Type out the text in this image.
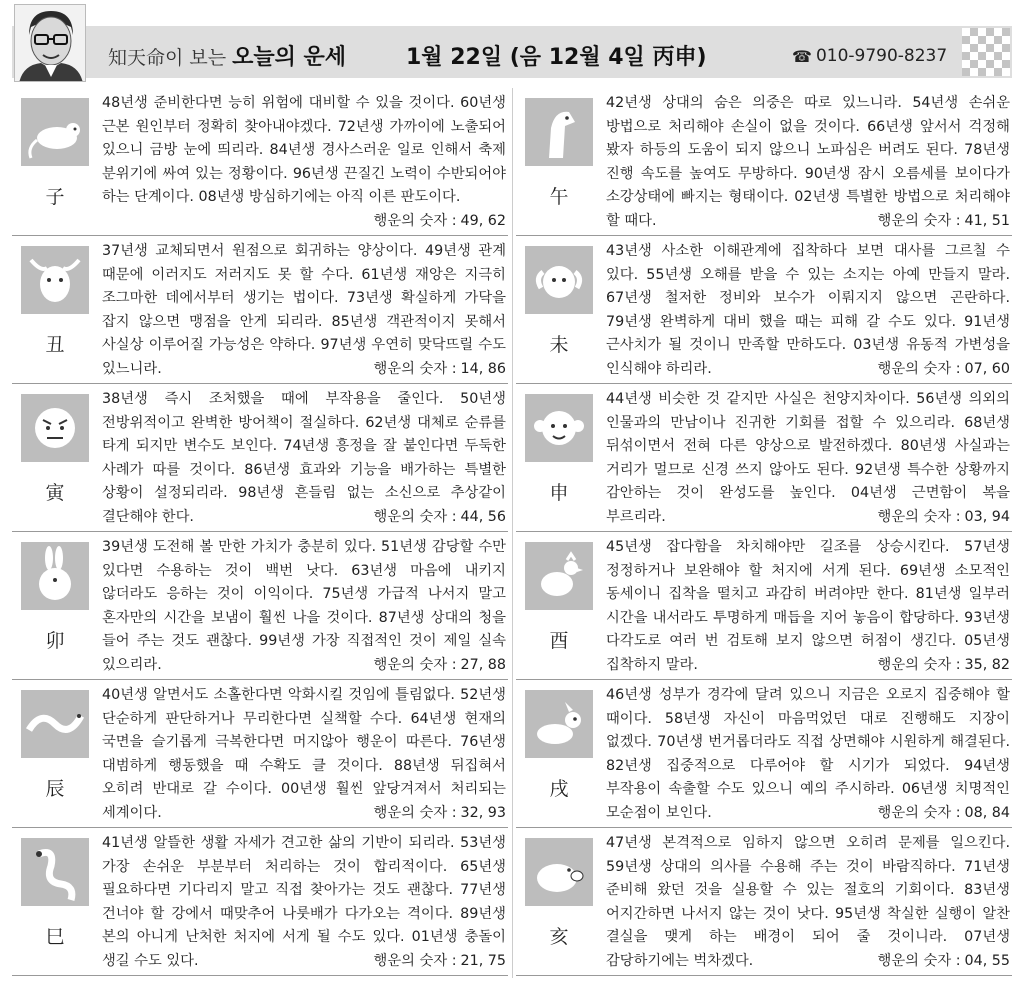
知天命이 보는 오늘의 운세	1월 22일 (음 12월 4일 丙申)	☎ 010-9790-8237
子
48년생 준비한다면 능히 위험에 대비할 수 있을 것이다. 60년생 근본 원인부터 정확히 찾아내야겠다. 72년생 가까이에 노출되어 있으니 금방 눈에 띄리라. 84년생 경사스러운 일로 인해서 축제 분위기에 싸여 있는 정황이다. 96년생 끈질긴 노력이 수반되어야 하는 단계이다. 08년생 방심하기에는 아직 이른 판도이다.
행운의 숫자 : 49, 62
丑
37년생 교체되면서 원점으로 회귀하는 양상이다. 49년생 관계 때문에 이러지도 저러지도 못 할 수다. 61년생 재앙은 지극히 조그마한 데에서부터 생기는 법이다. 73년생 확실하게 가닥을 잡지 않으면 맹점을 안게 되리라. 85년생 객관적이지 못해서 사실상 이루어질 가능성은 약하다. 97년생 우연히 맞닥뜨릴 수도 있느니라.	행운의 숫자 : 14, 86
寅
38년생 즉시 조처했을 때에 부작용을 줄인다. 50년생 전방위적이고 완벽한 방어책이 절실하다. 62년생 대체로 순류를 타게 되지만 변수도 보인다. 74년생 흥정을 잘 붙인다면 두둑한 사례가 따를 것이다. 86년생 효과와 기능을 배가하는 특별한 상황이 설정되리라. 98년생 흔들림 없는 소신으로 추상같이 결단해야 한다.	행운의 숫자 : 44, 56
卯
39년생 도전해 볼 만한 가치가 충분히 있다. 51년생 감당할 수만 있다면 수용하는 것이 백번 낫다. 63년생 마음에 내키지 않더라도 응하는 것이 이익이다. 75년생 가급적 나서지 말고 혼자만의 시간을 보냄이 훨씬 나을 것이다. 87년생 상대의 청을 들어 주는 것도 괜찮다. 99년생 가장 직접적인 것이 제일 실속 있으리라.	행운의 숫자 : 27, 88
辰
40년생 알면서도 소홀한다면 악화시킬 것임에 틀림없다. 52년생 단순하게 판단하거나 무리한다면 실책할 수다. 64년생 현재의 국면을 슬기롭게 극복한다면 머지않아 행운이 따른다. 76년생 대범하게 행동했을 때 수확도 클 것이다. 88년생 뒤집혀서 오히려 반대로 갈 수이다. 00년생 훨씬 앞당겨져서 처리되는 세계이다.	행운의 숫자 : 32, 93
巳
41년생 알뜰한 생활 자세가 견고한 삶의 기반이 되리라. 53년생 가장 손쉬운 부분부터 처리하는 것이 합리적이다. 65년생 필요하다면 기다리지 말고 직접 찾아가는 것도 괜찮다. 77년생 건너야 할 강에서 때맞추어 나룻배가 다가오는 격이다. 89년생 본의 아니게 난처한 처지에 서게 될 수도 있다. 01년생 충돌이 생길 수도 있다.	행운의 숫자 : 21, 75
午
42년생 상대의 숨은 의중은 따로 있느니라. 54년생 손쉬운 방법으로 처리해야 손실이 없을 것이다. 66년생 앞서서 걱정해 봤자 하등의 도움이 되지 않으니 노파심은 버려도 된다. 78년생 진행 속도를 높여도 무방하다. 90년생 잠시 오름세를 보이다가 소강상태에 빠지는 형태이다. 02년생 특별한 방법으로 처리해야 할 때다.	행운의 숫자 : 41, 51
未
43년생 사소한 이해관계에 집착하다 보면 대사를 그르칠 수 있다. 55년생 오해를 받을 수 있는 소지는 아예 만들지 말라. 67년생 철저한 정비와 보수가 이뤄지지 않으면 곤란하다. 79년생 완벽하게 대비 했을 때는 피해 갈 수도 있다. 91년생 근사치가 될 것이니 만족할 만하도다. 03년생 유동적 가변성을 인식해야 하리라.	행운의 숫자 : 07, 60
申
44년생 비슷한 것 같지만 사실은 천양지차이다. 56년생 의외의 인물과의 만남이나 진귀한 기회를 접할 수 있으리라. 68년생 뒤섞이면서 전혀 다른 양상으로 발전하겠다. 80년생 사실과는 거리가 멀므로 신경 쓰지 않아도 된다. 92년생 특수한 상황까지 감안하는 것이 완성도를 높인다. 04년생 근면함이 복을 부르리라.	행운의 숫자 : 03, 94
酉
45년생 잡다함을 차치해야만 길조를 상승시킨다. 57년생 정정하거나 보완해야 할 처지에 서게 된다. 69년생 소모적인 동세이니 집착을 떨치고 과감히 버려야만 한다. 81년생 일부러 시간을 내서라도 투명하게 매듭을 지어 놓음이 합당하다. 93년생 다각도로 여러 번 검토해 보지 않으면 허점이 생긴다. 05년생 집착하지 말라.	행운의 숫자 : 35, 82
戌
46년생 성부가 경각에 달려 있으니 지금은 오로지 집중해야 할 때이다. 58년생 자신이 마음먹었던 대로 진행해도 지장이 없겠다. 70년생 번거롭더라도 직접 상면해야 시원하게 해결된다. 82년생 집중적으로 다루어야 할 시기가 되었다. 94년생 부작용이 속출할 수도 있으니 예의 주시하라. 06년생 치명적인 모순점이 보인다.	행운의 숫자 : 08, 84
亥
47년생 본격적으로 임하지 않으면 오히려 문제를 일으킨다. 59년생 상대의 의사를 수용해 주는 것이 바람직하다. 71년생 준비해 왔던 것을 실용할 수 있는 절호의 기회이다. 83년생 어지간하면 나서지 않는 것이 낫다. 95년생 착실한 실행이 알찬 결실을 맺게 하는 배경이 되어 줄 것이니라. 07년생 감당하기에는 벅차겠다.	행운의 숫자 : 04, 55
